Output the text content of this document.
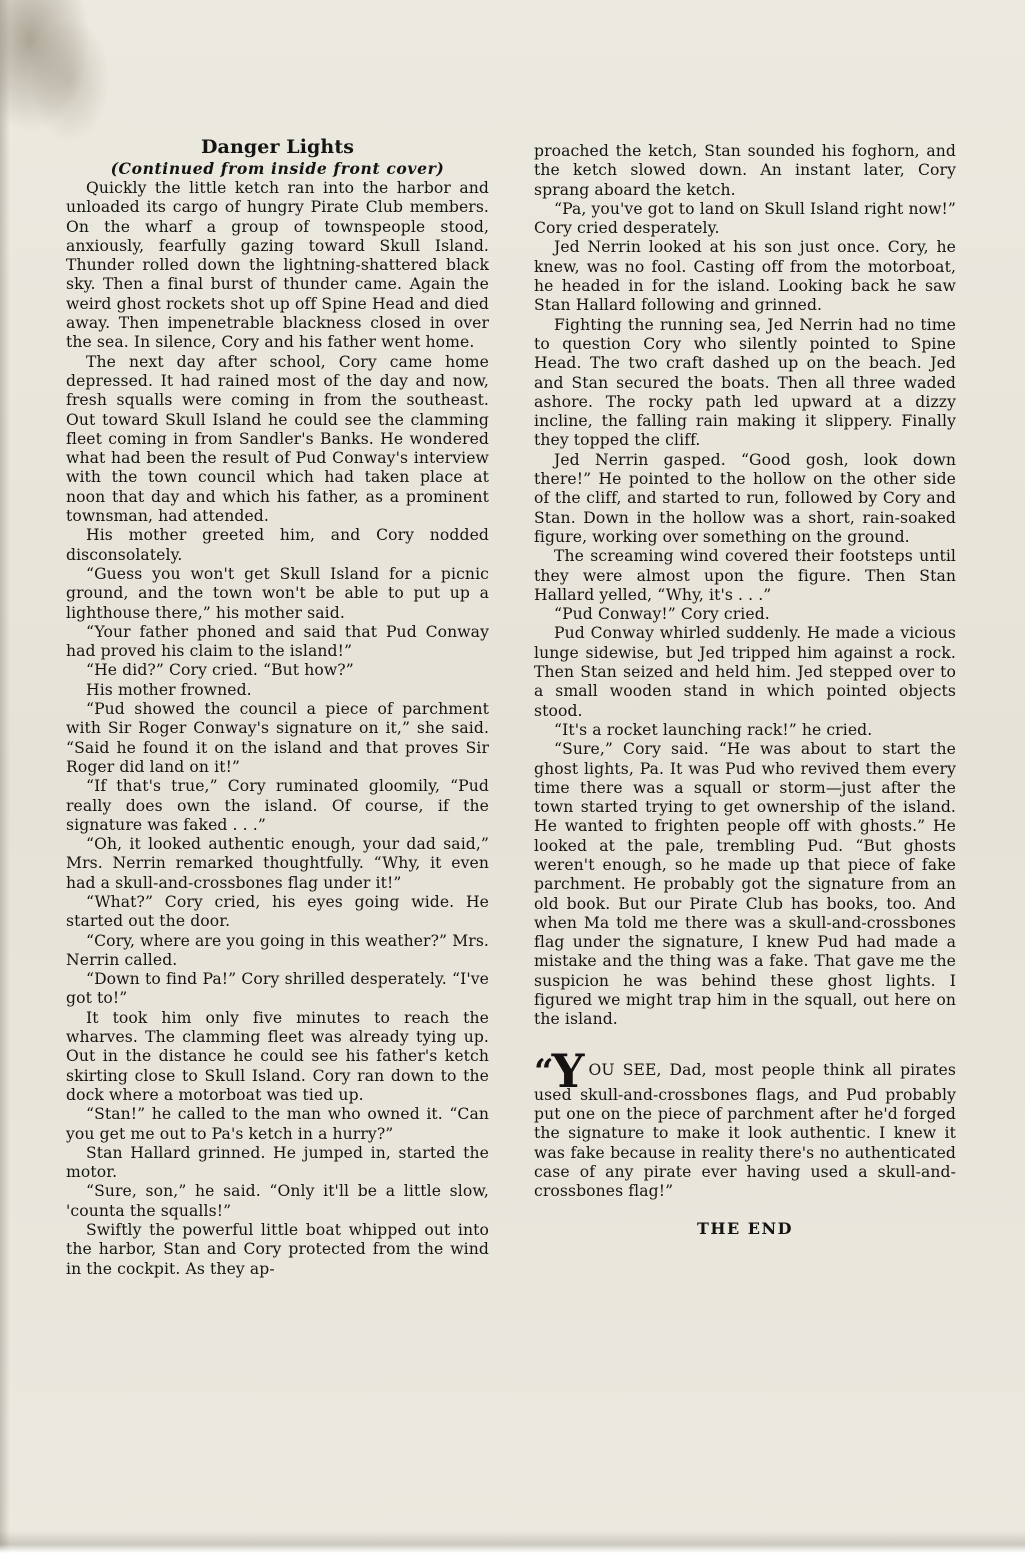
Danger Lights

(Continued from inside front cover)

Quickly the little ketch ran into the harbor and unloaded its cargo of hungry Pirate Club members. On the wharf a group of townspeople stood, anxiously, fearfully gazing toward Skull Island. Thunder rolled down the lightning-shattered black sky. Then a final burst of thunder came. Again the weird ghost rockets shot up off Spine Head and died away. Then impenetrable blackness closed in over the sea. In silence, Cory and his father went home.

The next day after school, Cory came home depressed. It had rained most of the day and now, fresh squalls were coming in from the southeast. Out toward Skull Island he could see the clamming fleet coming in from Sandler's Banks. He wondered what had been the result of Pud Conway's interview with the town council which had taken place at noon that day and which his father, as a prominent townsman, had attended.

His mother greeted him, and Cory nodded disconsolately.

“Guess you won't get Skull Island for a picnic ground, and the town won't be able to put up a lighthouse there,” his mother said.

“Your father phoned and said that Pud Conway had proved his claim to the island!”

“He did?” Cory cried. “But how?”

His mother frowned.

“Pud showed the council a piece of parchment with Sir Roger Conway's signature on it,” she said. “Said he found it on the island and that proves Sir Roger did land on it!”

“If that's true,” Cory ruminated gloomily, “Pud really does own the island. Of course, if the signature was faked . . .”

“Oh, it looked authentic enough, your dad said,” Mrs. Nerrin remarked thoughtfully. “Why, it even had a skull-and-crossbones flag under it!”

“What?” Cory cried, his eyes going wide. He started out the door.

“Cory, where are you going in this weather?” Mrs. Nerrin called.

“Down to find Pa!” Cory shrilled desperately. “I've got to!”

It took him only five minutes to reach the wharves. The clamming fleet was already tying up. Out in the distance he could see his father's ketch skirting close to Skull Island. Cory ran down to the dock where a motorboat was tied up.

“Stan!” he called to the man who owned it. “Can you get me out to Pa's ketch in a hurry?”

Stan Hallard grinned. He jumped in, started the motor.

“Sure, son,” he said. “Only it'll be a little slow, 'counta the squalls!”

Swiftly the powerful little boat whipped out into the harbor, Stan and Cory protected from the wind in the cockpit. As they ap-

proached the ketch, Stan sounded his foghorn, and the ketch slowed down. An instant later, Cory sprang aboard the ketch.

“Pa, you've got to land on Skull Island right now!” Cory cried desperately.

Jed Nerrin looked at his son just once. Cory, he knew, was no fool. Casting off from the motorboat, he headed in for the island. Looking back he saw Stan Hallard following and grinned.

Fighting the running sea, Jed Nerrin had no time to question Cory who silently pointed to Spine Head. The two craft dashed up on the beach. Jed and Stan secured the boats. Then all three waded ashore. The rocky path led upward at a dizzy incline, the falling rain making it slippery. Finally they topped the cliff.

Jed Nerrin gasped. “Good gosh, look down there!” He pointed to the hollow on the other side of the cliff, and started to run, followed by Cory and Stan. Down in the hollow was a short, rain-soaked figure, working over something on the ground.

The screaming wind covered their footsteps until they were almost upon the figure. Then Stan Hallard yelled, “Why, it's . . .”

“Pud Conway!” Cory cried.

Pud Conway whirled suddenly. He made a vicious lunge sidewise, but Jed tripped him against a rock. Then Stan seized and held him. Jed stepped over to a small wooden stand in which pointed objects stood.

“It's a rocket launching rack!” he cried.

“Sure,” Cory said. “He was about to start the ghost lights, Pa. It was Pud who revived them every time there was a squall or storm—just after the town started trying to get ownership of the island. He wanted to frighten people off with ghosts.” He looked at the pale, trembling Pud. “But ghosts weren't enough, so he made up that piece of fake parchment. He probably got the signature from an old book. But our Pirate Club has books, too. And when Ma told me there was a skull-and-crossbones flag under the signature, I knew Pud had made a mistake and the thing was a fake. That gave me the suspicion he was behind these ghost lights. I figured we might trap him in the squall, out here on the island.

“Y OU SEE, Dad, most people think all pirates used skull-and-crossbones flags, and Pud probably put one on the piece of parchment after he'd forged the signature to make it look authentic. I knew it was fake because in reality there's no authenticated case of any pirate ever having used a skull-and-crossbones flag!”

THE END
